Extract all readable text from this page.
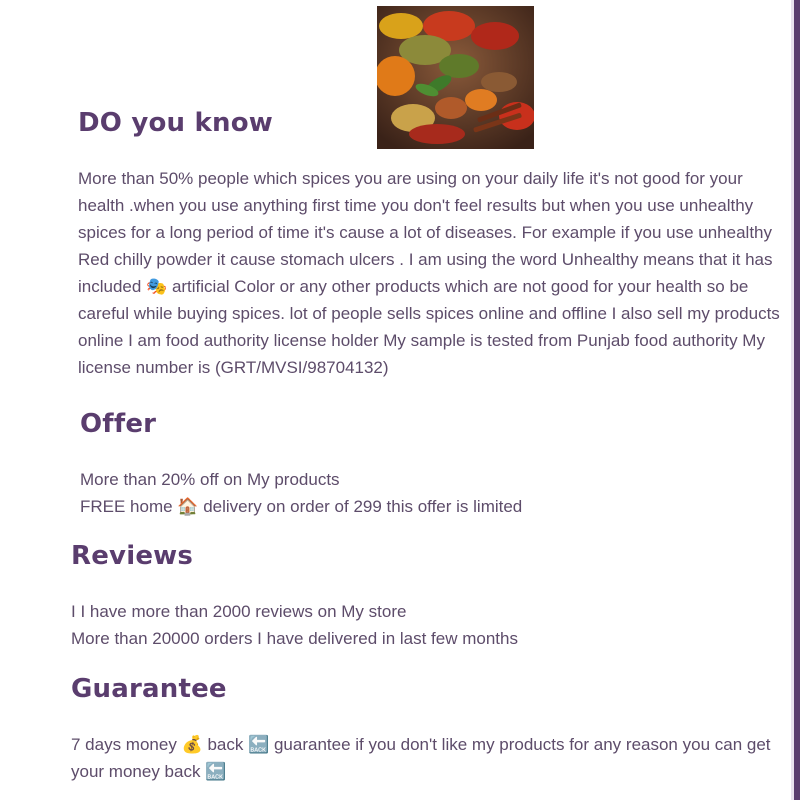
DO you know

More than 50% people which spices you are using on your daily life it's not good for your health .when you use anything first time you don't feel results but when you use unhealthy spices for a long period of time it's cause a lot of diseases. For example if you use unhealthy Red chilly powder it cause stomach ulcers . I am using the word Unhealthy means that it has included 🎭 artificial Color or any other products which are not good for your health so be careful while buying spices. lot of people sells spices online and offline I also sell my products online I am food authority license holder My sample is tested from Punjab food authority My license number is (GRT/MVSI/98704132)

Offer

More than 20% off on My products

FREE home 🏠 delivery on order of 299 this offer is limited

Reviews

I I have more than 2000 reviews on My store

More than 20000 orders I have delivered in last few months

Guarantee

7 days money 💰 back 🔙 guarantee if you don't like my products for any reason you can get your money back 🔙
